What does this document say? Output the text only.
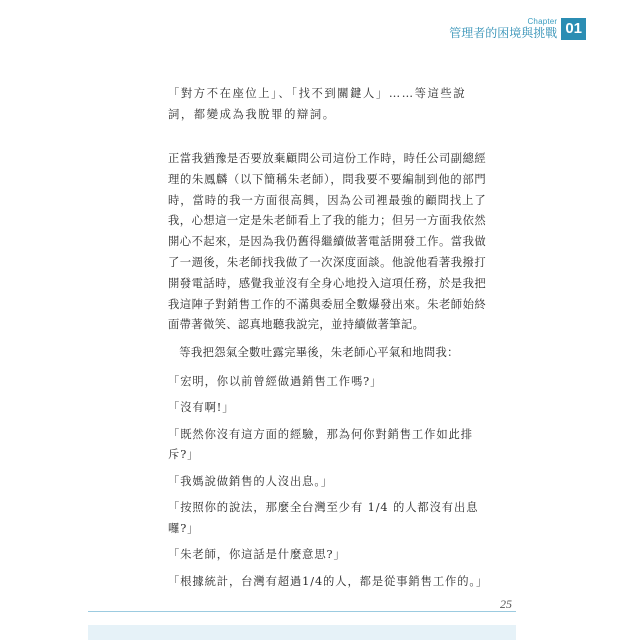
Chapter
管理者的困境與挑戰 01

「對方不在座位上」、「找不到關鍵人」……等這些說詞，都變成為我脫罪的辯詞。

正當我猶豫是否要放棄顧問公司這份工作時，時任公司副總經理的朱鳳麟（以下簡稱朱老師），問我要不要編制到他的部門時，當時的我一方面很高興，因為公司裡最強的顧問找上了我，心想這一定是朱老師看上了我的能力；但另一方面我依然開心不起來，是因為我仍舊得繼續做著電話開發工作。當我做了一週後，朱老師找我做了一次深度面談。他說他看著我撥打開發電話時，感覺我並沒有全身心地投入這項任務，於是我把我這陣子對銷售工作的不滿與委屈全數爆發出來。朱老師始終面帶著微笑、認真地聽我說完，並持續做著筆記。

等我把怨氣全數吐露完畢後，朱老師心平氣和地問我：

「宏明，你以前曾經做過銷售工作嗎?」

「沒有啊!」

「既然你沒有這方面的經驗，那為何你對銷售工作如此排斥?」

「我媽說做銷售的人沒出息。」

「按照你的說法，那麼全台灣至少有 1/4 的人都沒有出息囉?」

「朱老師，你這話是什麼意思?」

「根據統計，台灣有超過1/4的人，都是從事銷售工作的。」

25
